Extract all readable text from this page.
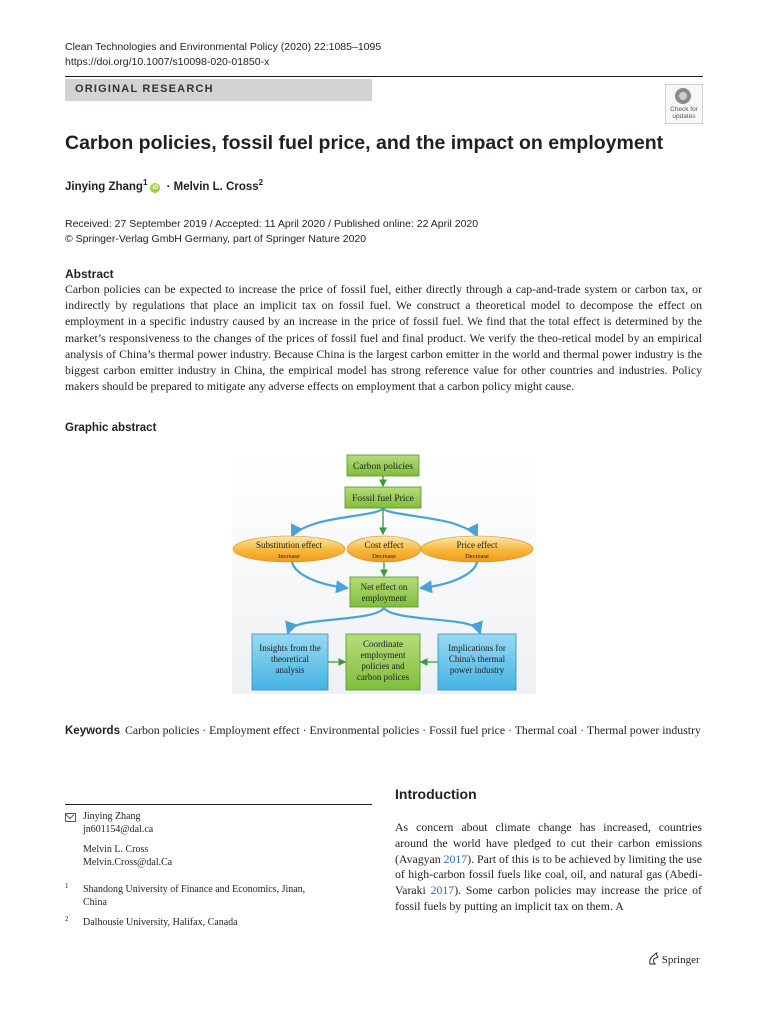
Clean Technologies and Environmental Policy (2020) 22:1085–1095
https://doi.org/10.1007/s10098-020-01850-x
ORIGINAL RESEARCH
Check for
updates
Carbon policies, fossil fuel price, and the impact on employment
Jinying Zhang$^1$iD · Melvin L. Cross$^2$
Received: 27 September 2019 / Accepted: 11 April 2020 / Published online: 22 April 2020
© Springer-Verlag GmbH Germany, part of Springer Nature 2020
Abstract
Carbon policies can be expected to increase the price of fossil fuel, either directly through a cap-and-trade system or carbon tax, or indirectly by regulations that place an implicit tax on fossil fuel. We construct a theoretical model to decompose the effect on employment in a specific industry caused by an increase in the price of fossil fuel. We find that the total effect is determined by the market’s responsiveness to the changes of the prices of fossil fuel and final product. We verify the theo-retical model by an empirical analysis of China’s thermal power industry. Because China is the largest carbon emitter in the world and thermal power industry is the biggest carbon emitter industry in China, the empirical model has strong reference value for other countries and industries. Policy makers should be prepared to mitigate any adverse effects on employment that a carbon policy might cause.
Graphic abstract
Carbon policies
Fossil fuel Price
Substitution effect
Increase
Cost effect
Decrease
Price effect
Decrease
Net effect on
employment
Insights from the
theoretical
analysis
Coordinate
employment
policies and
carbon polices
Implications for
China's thermal
power industry
Keywords Carbon policies · Employment effect · Environmental policies · Fossil fuel price · Thermal coal · Thermal power industry
Introduction
As concern about climate change has increased, countries around the world have pledged to cut their carbon emissions (Avagyan 2017). Part of this is to be achieved by limiting the use of high-carbon fossil fuels like coal, oil, and natural gas (Abedi-Varaki 2017). Some carbon policies may increase the price of fossil fuels by putting an implicit tax on them. A
Jinying Zhang
jn601154@dal.ca
Melvin L. Cross
Melvin.Cross@dal.Ca
1 Shandong University of Finance and Economics, Jinan,
China
2 Dalhousie University, Halifax, Canada
Springer
